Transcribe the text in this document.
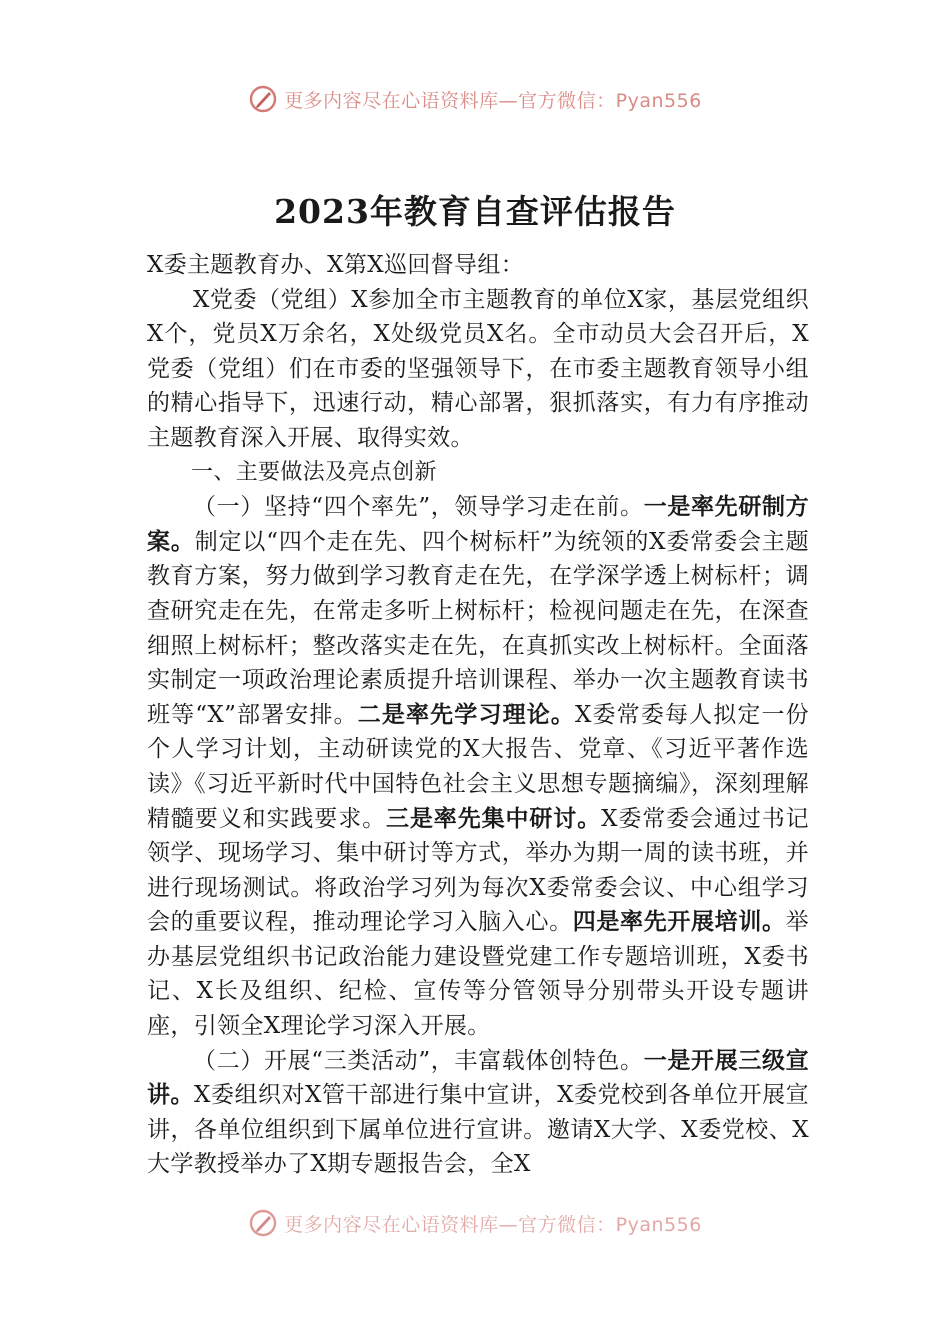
更多内容尽在心语资料库—官方微信：Pyan556
2023年教育自查评估报告

X委主题教育办、X第X巡回督导组：

X党委（党组）X参加全市主题教育的单位X家，基层党组织X个，党员X万余名，X处级党员X名。全市动员大会召开后，X党委（党组）们在市委的坚强领导下，在市委主题教育领导小组的精心指导下，迅速行动，精心部署，狠抓落实，有力有序推动主题教育深入开展、取得实效。

一、主要做法及亮点创新

（一）坚持“四个率先”，领导学习走在前。一是率先研制方案。制定以“四个走在先、四个树标杆”为统领的X委常委会主题教育方案，努力做到学习教育走在先，在学深学透上树标杆；调查研究走在先，在常走多听上树标杆；检视问题走在先，在深查细照上树标杆；整改落实走在先，在真抓实改上树标杆。全面落实制定一项政治理论素质提升培训课程、举办一次主题教育读书班等“X”部署安排。二是率先学习理论。X委常委每人拟定一份个人学习计划，主动研读党的X大报告、党章、《习近平著作选读》《习近平新时代中国特色社会主义思想专题摘编》，深刻理解精髓要义和实践要求。三是率先集中研讨。X委常委会通过书记领学、现场学习、集中研讨等方式，举办为期一周的读书班，并进行现场测试。将政治学习列为每次X委常委会议、中心组学习会的重要议程，推动理论学习入脑入心。四是率先开展培训。举办基层党组织书记政治能力建设暨党建工作专题培训班，X委书记、X长及组织、纪检、宣传等分管领导分别带头开设专题讲座，引领全X理论学习深入开展。

（二）开展“三类活动”，丰富载体创特色。一是开展三级宣讲。X委组织对X管干部进行集中宣讲，X委党校到各单位开展宣讲，各单位组织到下属单位进行宣讲。邀请X大学、X委党校、X大学教授举办了X期专题报告会，全X

更多内容尽在心语资料库—官方微信：Pyan556
